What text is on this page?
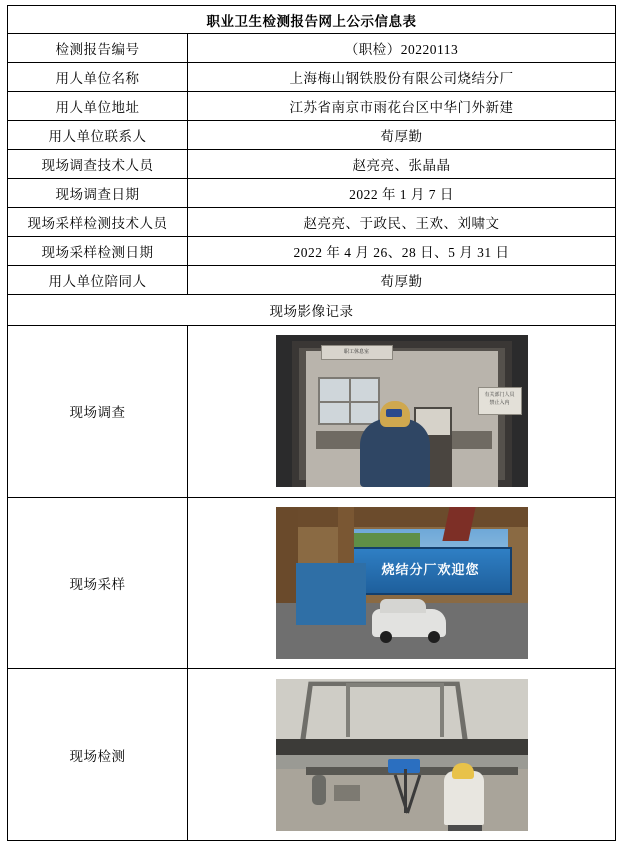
职业卫生检测报告网上公示信息表	
检测报告编号	（职检）20220113
用人单位名称	上海梅山钢铁股份有限公司烧结分厂
用人单位地址	江苏省南京市雨花台区中华门外新建
用人单位联系人	荀厚勤
现场调查技术人员	赵亮亮、张晶晶
现场调查日期	2022 年 1 月 7 日
现场采样检测技术人员	赵亮亮、于政民、王欢、刘啸文
现场采样检测日期	2022 年 4 月 26、28 日、5 月 31 日
用人单位陪同人	荀厚勤
现场影像记录	
现场调查	职工休息室
有关部门人员
禁止入内

现场采样	烧结分厂欢迎您

现场检测	
